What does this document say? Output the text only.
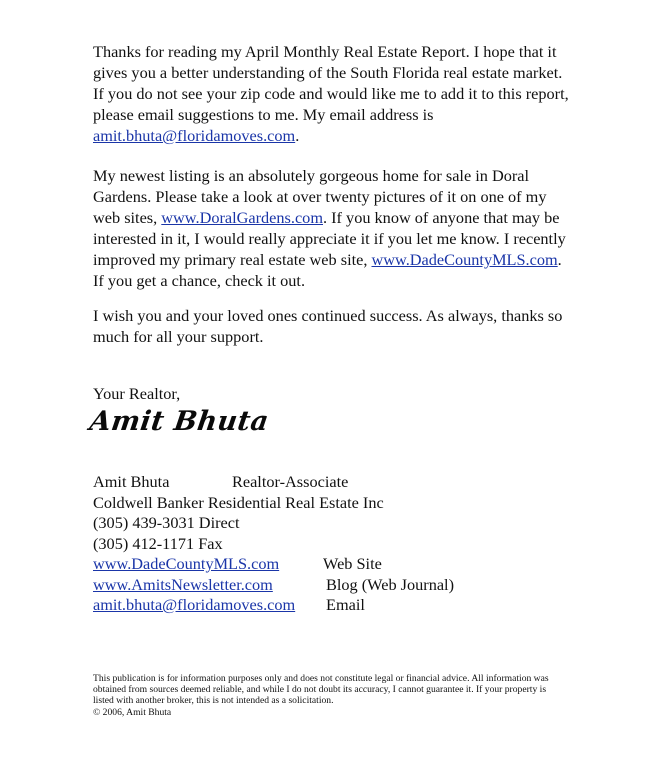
Thanks for reading my April Monthly Real Estate Report. I hope that it gives you a better understanding of the South Florida real estate market. If you do not see your zip code and would like me to add it to this report, please email suggestions to me. My email address is amit.bhuta@floridamoves.com.

My newest listing is an absolutely gorgeous home for sale in Doral Gardens. Please take a look at over twenty pictures of it on one of my web sites, www.DoralGardens.com. If you know of anyone that may be interested in it, I would really appreciate it if you let me know. I recently improved my primary real estate web site, www.DadeCountyMLS.com. If you get a chance, check it out.

I wish you and your loved ones continued success. As always, thanks so much for all your support.

Your Realtor,
Amit Bhuta
Amit Bhuta	Realtor-Associate
Coldwell Banker Residential Real Estate Inc
(305) 439-3031 Direct
(305) 412-1171 Fax
www.DadeCountyMLS.com	Web Site
www.AmitsNewsletter.com	Blog (Web Journal)
amit.bhuta@floridamoves.com Email

This publication is for information purposes only and does not constitute legal or financial advice. All information was obtained from sources deemed reliable, and while I do not doubt its accuracy, I cannot guarantee it. If your property is listed with another broker, this is not intended as a solicitation.
© 2006, Amit Bhuta
